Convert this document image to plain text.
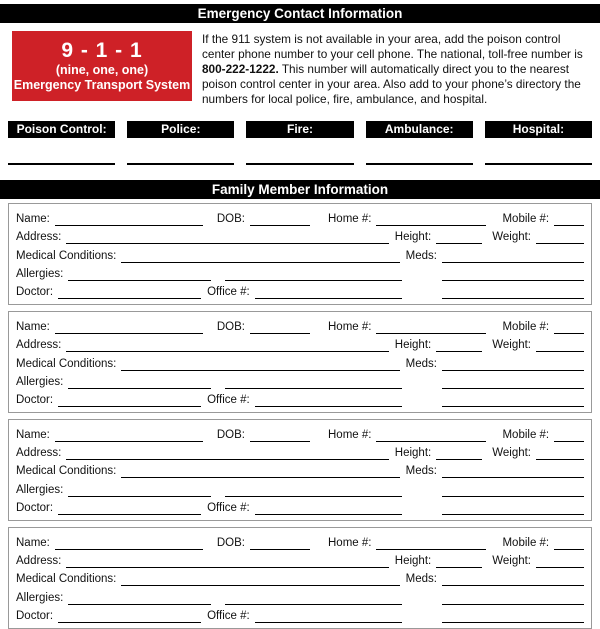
Emergency Contact Information
9 - 1 - 1
(nine, one, one)
Emergency Transport System
If the 911 system is not available in your area, add the poison control center phone number to your cell phone. The national, toll-free number is 800-222-1222. This number will automatically direct you to the nearest poison control center in your area. Also add to your phone’s directory the numbers for local police, fire, ambulance, and hospital.
Poison Control:	Police:	Fire:	Ambulance:	Hospital:
Family Member Information
Name:	DOB:	Home #:	Mobile #:
Address:	Height:	Weight:
Medical Conditions:	Meds:
Allergies:
Doctor:	Office #:
Name:	DOB:	Home #:	Mobile #:
Address:	Height:	Weight:
Medical Conditions:	Meds:
Allergies:
Doctor:	Office #:
Name:	DOB:	Home #:	Mobile #:
Address:	Height:	Weight:
Medical Conditions:	Meds:
Allergies:
Doctor:	Office #:
Name:	DOB:	Home #:	Mobile #:
Address:	Height:	Weight:
Medical Conditions:	Meds:
Allergies:
Doctor:	Office #:
